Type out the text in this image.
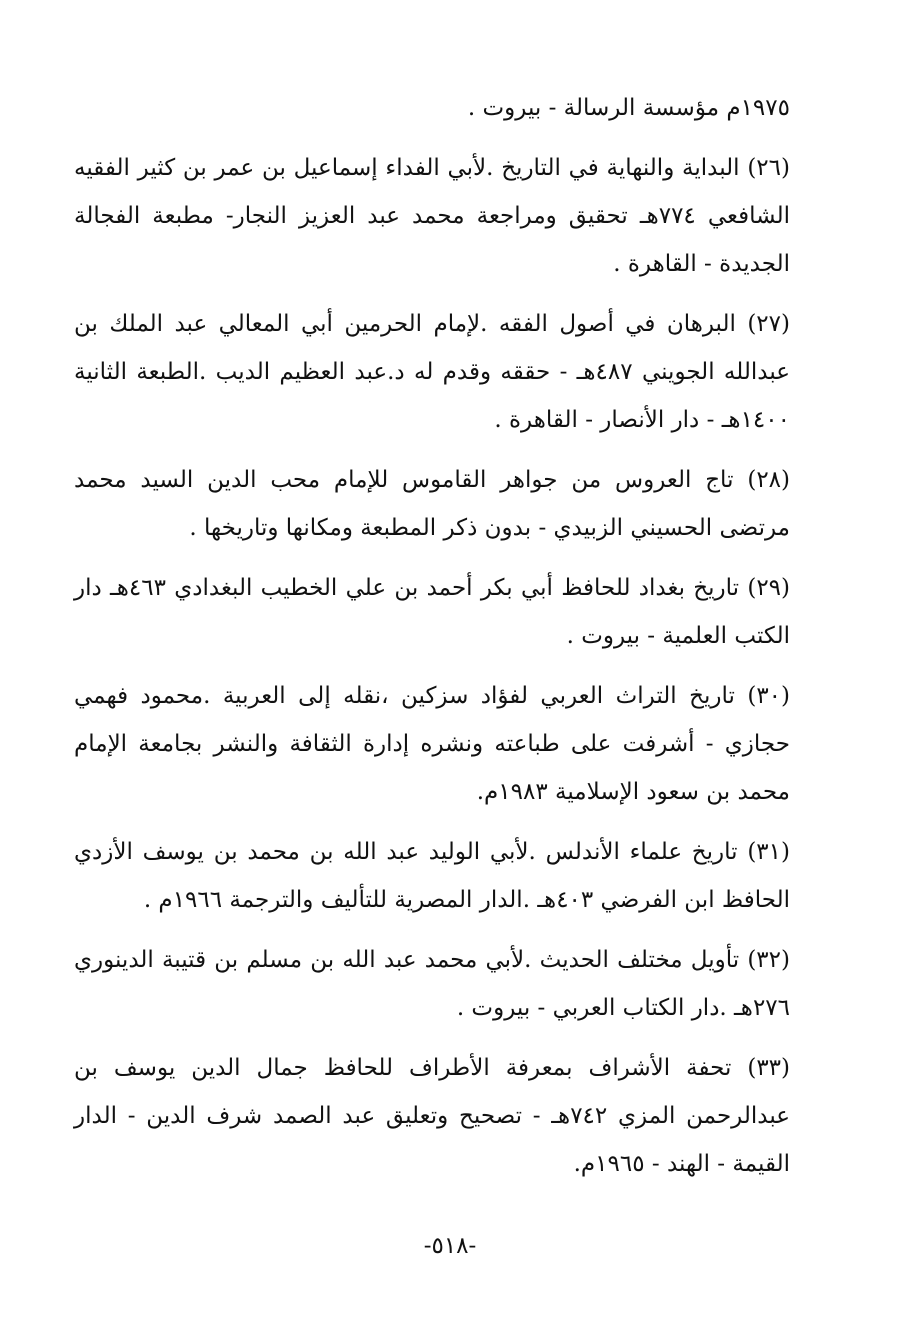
١٩٧٥م مؤسسة الرسالة - بيروت .
(٢٦) البداية والنهاية في التاريخ .لأبي الفداء إسماعيل بن عمر بن كثير الفقيه الشافعي ٧٧٤هـ تحقيق ومراجعة محمد عبد العزيز النجار- مطبعة الفجالة الجديدة - القاهرة .
(٢٧) البرهان في أصول الفقه .لإمام الحرمين أبي المعالي عبد الملك بن عبدالله الجويني ٤٨٧هـ - حققه وقدم له د.عبد العظيم الديب .الطبعة الثانية ١٤٠٠هـ - دار الأنصار - القاهرة .
(٢٨) تاج العروس من جواهر القاموس للإمام محب الدين السيد محمد مرتضى الحسيني الزبيدي - بدون ذكر المطبعة ومكانها وتاريخها .
(٢٩) تاريخ بغداد للحافظ أبي بكر أحمد بن علي الخطيب البغدادي ٤٦٣هـ دار الكتب العلمية - بيروت .
(٣٠) تاريخ التراث العربي لفؤاد سزكين ،نقله إلى العربية .محمود فهمي حجازي - أشرفت على طباعته ونشره إدارة الثقافة والنشر بجامعة الإمام محمد بن سعود الإسلامية ١٩٨٣م.
(٣١) تاريخ علماء الأندلس .لأبي الوليد عبد الله بن محمد بن يوسف الأزدي الحافظ ابن الفرضي ٤٠٣هـ .الدار المصرية للتأليف والترجمة ١٩٦٦م .
(٣٢) تأويل مختلف الحديث .لأبي محمد عبد الله بن مسلم بن قتيبة الدينوري ٢٧٦هـ .دار الكتاب العربي - بيروت .
(٣٣) تحفة الأشراف بمعرفة الأطراف للحافظ جمال الدين يوسف بن عبدالرحمن المزي ٧٤٢هـ - تصحيح وتعليق عبد الصمد شرف الدين - الدار القيمة - الهند - ١٩٦٥م.
-٥١٨-
